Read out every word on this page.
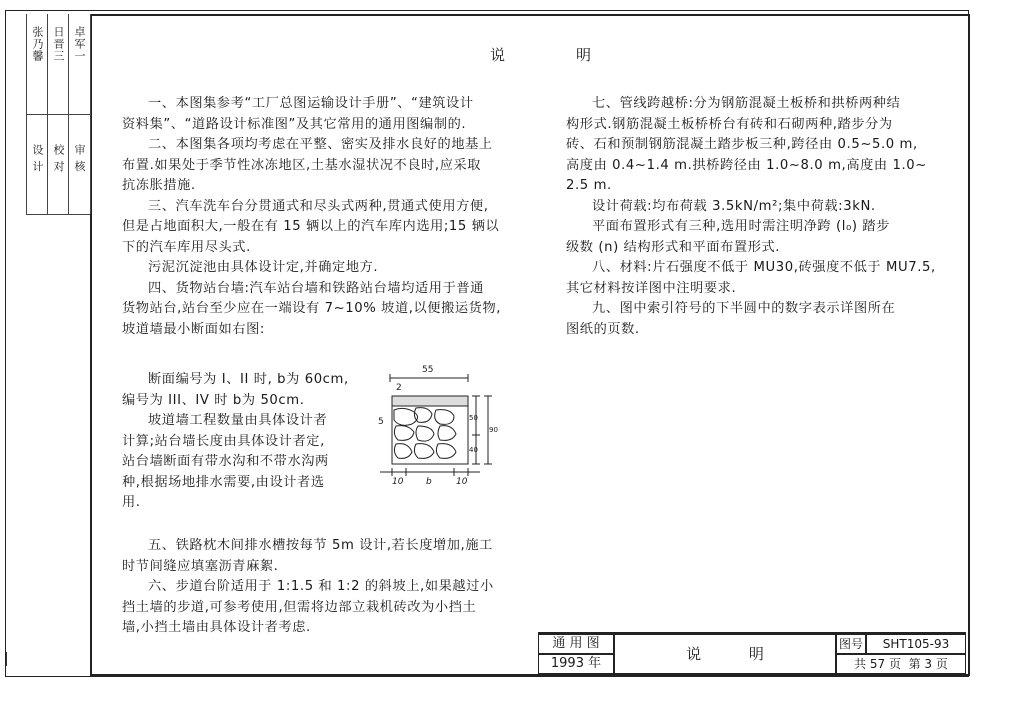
张乃馨 日晋三 卓军一
设 计 校 对 审 核
说	明
一、本图集参考“工厂总图运输设计手册”、“建筑设计
资料集”、“道路设计标准图”及其它常用的通用图编制的.
二、本图集各项均考虑在平整、密实及排水良好的地基上
布置.如果处于季节性冰冻地区,土基水湿状况不良时,应采取
抗冻胀措施.
三、汽车洗车台分贯通式和尽头式两种,贯通式使用方便,
但是占地面积大,一般在有 15 辆以上的汽车库内选用;15 辆以
下的汽车库用尽头式.
污泥沉淀池由具体设计定,并确定地方.
四、货物站台墙:汽车站台墙和铁路站台墙均适用于普通
货物站台,站台至少应在一端设有 7~10% 坡道,以便搬运货物,
坡道墙最小断面如右图:
断面编号为 I、II 时, b为 60cm,
编号为 III、IV 时 b为 50cm.
坡道墙工程数量由具体设计者
计算;站台墙长度由具体设计者定,
站台墙断面有带水沟和不带水沟两
种,根据场地排水需要,由设计者选
用.
五、铁路枕木间排水槽按每节 5m 设计,若长度增加,施工
时节间缝应填塞沥青麻絮.
六、步道台阶适用于 1:1.5 和 1:2 的斜坡上,如果越过小
挡土墙的步道,可参考使用,但需将边部立栽机砖改为小挡土
墙,小挡土墙由具体设计者考虑.
七、管线跨越桥:分为钢筋混凝土板桥和拱桥两种结
构形式.钢筋混凝土板桥桥台有砖和石砌两种,踏步分为
砖、石和预制钢筋混凝土踏步板三种,跨径由 0.5~5.0 m,
高度由 0.4~1.4 m.拱桥跨径由 1.0~8.0 m,高度由 1.0~
2.5 m.
设计荷载:均布荷载 3.5kN/m²;集中荷载:3kN.
平面布置形式有三种,选用时需注明净跨 (l₀) 踏步
级数 (n) 结构形式和平面布置形式.
八、材料:片石强度不低于 MU30,砖强度不低于 MU7.5,
其它材料按详图中注明要求.
九、图中索引符号的下半圆中的数字表示详图所在
图纸的页数.
55
2
5	50
40
90
10	b	10
通 用 图
1993 年
说          明
图号	SHT105-93
共 57 页  第 3 页
